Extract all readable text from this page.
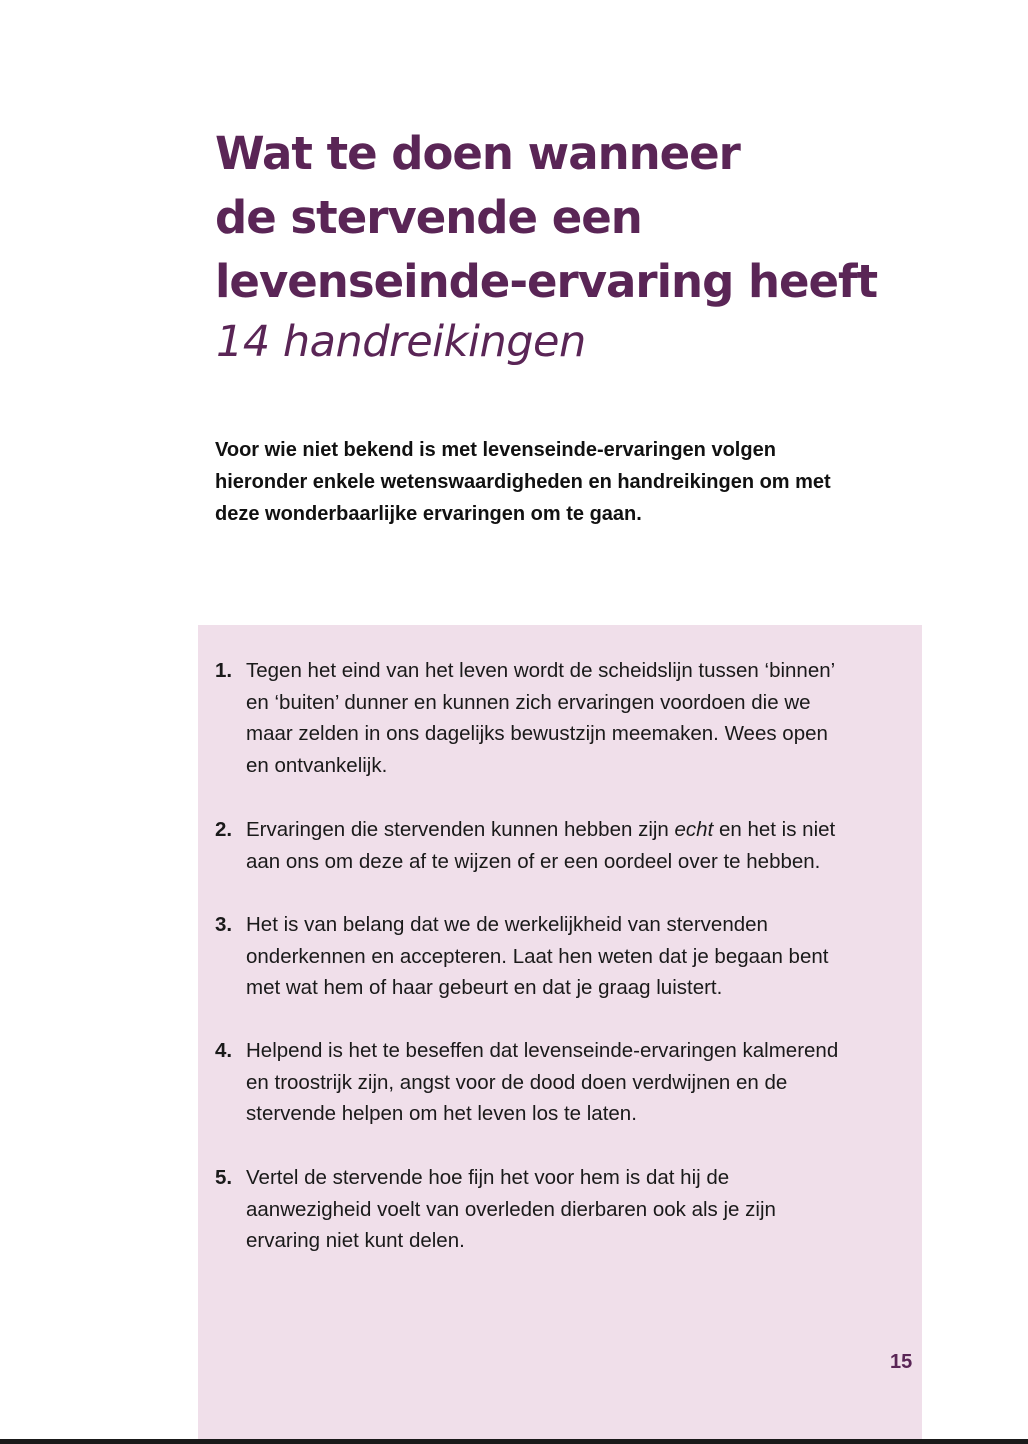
Wat te doen wanneer
de stervende een
levenseinde-ervaring heeft
14 handreikingen

Voor wie niet bekend is met levenseinde-ervaringen volgen
hieronder enkele wetenswaardigheden en handreikingen om met
deze wonderbaarlijke ervaringen om te gaan.

1. Tegen het eind van het leven wordt de scheidslijn tussen ‘binnen’
en ‘buiten’ dunner en kunnen zich ervaringen voordoen die we
maar zelden in ons dagelijks bewustzijn meemaken. Wees open
en ontvankelijk.
2. Ervaringen die stervenden kunnen hebben zijn echt en het is niet
aan ons om deze af te wijzen of er een oordeel over te hebben.
3. Het is van belang dat we de werkelijkheid van stervenden
onderkennen en accepteren. Laat hen weten dat je begaan bent
met wat hem of haar gebeurt en dat je graag luistert.
4. Helpend is het te beseffen dat levenseinde-ervaringen kalmerend
en troostrijk zijn, angst voor de dood doen verdwijnen en de
stervende helpen om het leven los te laten.
5. Vertel de stervende hoe fijn het voor hem is dat hij de
aanwezigheid voelt van overleden dierbaren ook als je zijn
ervaring niet kunt delen.
15
